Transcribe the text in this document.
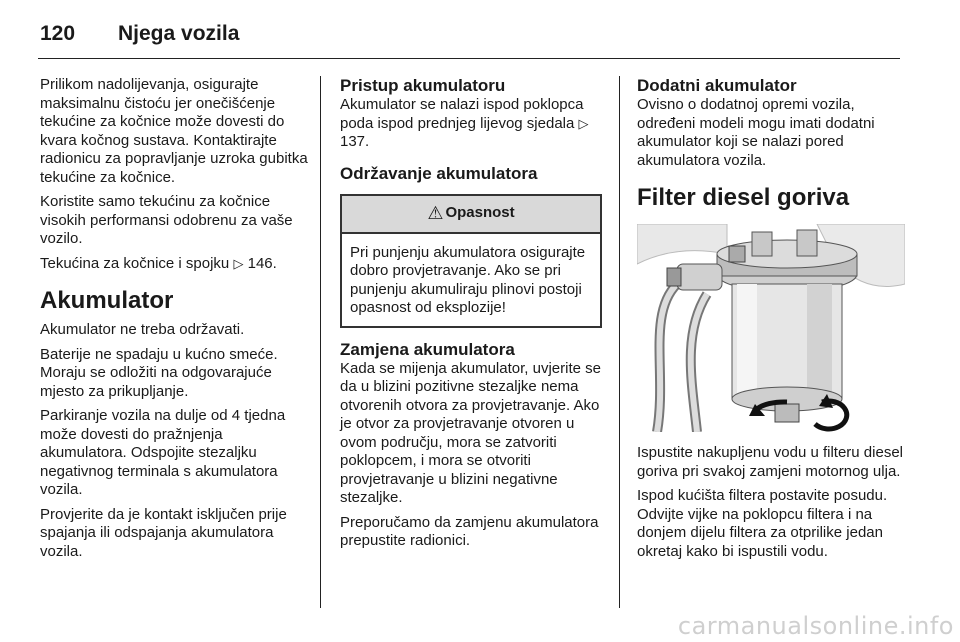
120 Njega vozila

Prilikom nadolijevanja, osigurajte maksimalnu čistoću jer onečišćenje tekućine za kočnice može dovesti do kvara kočnog sustava. Kontaktirajte radionicu za popravljanje uzroka gubitka tekućine za kočnice.

Koristite samo tekućinu za kočnice visokih performansi odobrenu za vaše vozilo.

Tekućina za kočnice i spojku ▷ 146.

Akumulator

Akumulator ne treba održavati.

Baterije ne spadaju u kućno smeće. Moraju se odložiti na odgovarajuće mjesto za prikupljanje.

Parkiranje vozila na dulje od 4 tjedna može dovesti do pražnjenja akumulatora. Odspojite stezaljku negativnog terminala s akumulatora vozila.

Provjerite da je kontakt isključen prije spajanja ili odspajanja akumulatora vozila.

Pristup akumulatoru

Akumulator se nalazi ispod poklopca poda ispod prednjeg lijevog sjedala ▷ 137.

Održavanje akumulatora
⚠ Opasnost
Pri punjenju akumulatora osigurajte dobro provjetravanje. Ako se pri punjenju akumuliraju plinovi postoji opasnost od eksplozije!
Zamjena akumulatora

Kada se mijenja akumulator, uvjerite se da u blizini pozitivne stezaljke nema otvorenih otvora za provjetravanje. Ako je otvor za provjetravanje otvoren u ovom području, mora se zatvoriti poklopcem, i mora se otvoriti provjetravanje u blizini negativne stezaljke.

Preporučamo da zamjenu akumulatora prepustite radionici.

Dodatni akumulator

Ovisno o dodatnoj opremi vozila, određeni modeli mogu imati dodatni akumulator koji se nalazi pored akumulatora vozila.

Filter diesel goriva

Ispustite nakupljenu vodu u filteru diesel goriva pri svakoj zamjeni motornog ulja.

Ispod kućišta filtera postavite posudu. Odvijte vijke na poklopcu filtera i na donjem dijelu filtera za otprilike jedan okretaj kako bi ispustili vodu.

carmanualsonline.info
